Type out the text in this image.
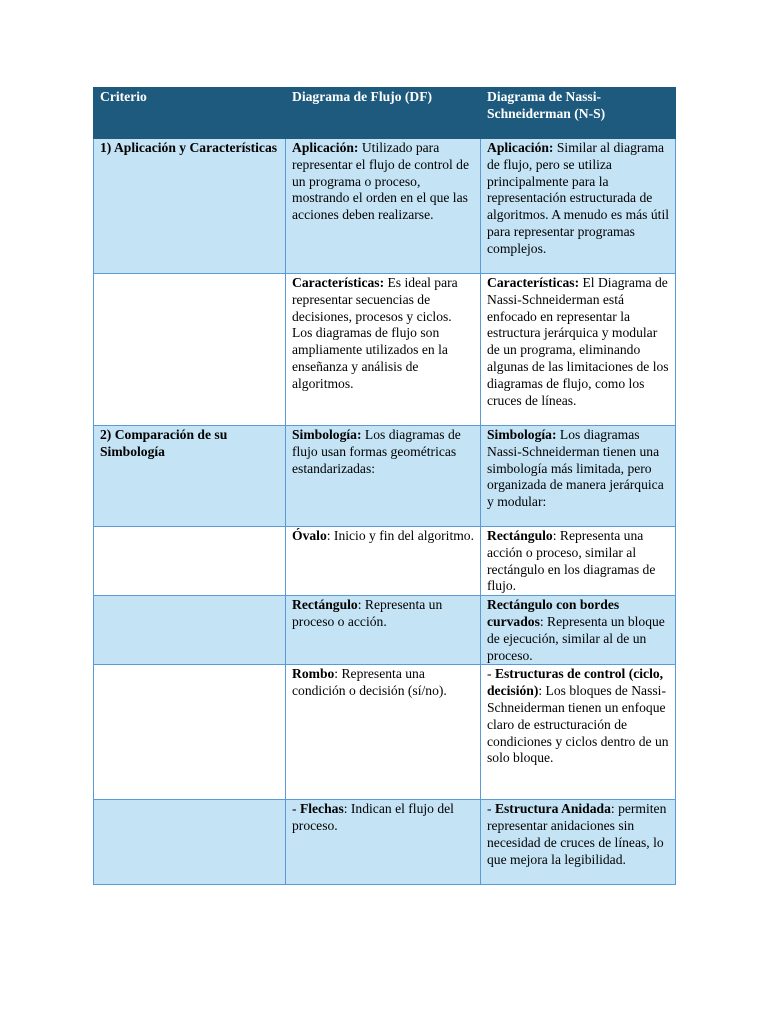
Criterio	Diagrama de Flujo (DF)	Diagrama de Nassi-Schneiderman (N-S)
1) Aplicación y Características	Aplicación: Utilizado para representar el flujo de control de un programa o proceso, mostrando el orden en el que las acciones deben realizarse.	Aplicación: Similar al diagrama de flujo, pero se utiliza principalmente para la representación estructurada de algoritmos. A menudo es más útil para representar programas complejos.
	Características: Es ideal para representar secuencias de decisiones, procesos y ciclos. Los diagramas de flujo son ampliamente utilizados en la enseñanza y análisis de algoritmos.	Características: El Diagrama de Nassi-Schneiderman está enfocado en representar la estructura jerárquica y modular de un programa, eliminando algunas de las limitaciones de los diagramas de flujo, como los cruces de líneas.
2) Comparación de su Simbología	Simbología: Los diagramas de flujo usan formas geométricas estandarizadas:	Simbología: Los diagramas Nassi-Schneiderman tienen una simbología más limitada, pero organizada de manera jerárquica y modular:
	Óvalo: Inicio y fin del algoritmo.	Rectángulo: Representa una acción o proceso, similar al rectángulo en los diagramas de flujo.
	Rectángulo: Representa un proceso o acción.	Rectángulo con bordes curvados: Representa un bloque de ejecución, similar al de un proceso.
	Rombo: Representa una condición o decisión (sí/no).	- Estructuras de control (ciclo, decisión): Los bloques de Nassi-Schneiderman tienen un enfoque claro de estructuración de condiciones y ciclos dentro de un solo bloque.
	- Flechas: Indican el flujo del proceso.	- Estructura Anidada: permiten representar anidaciones sin necesidad de cruces de líneas, lo que mejora la legibilidad.
